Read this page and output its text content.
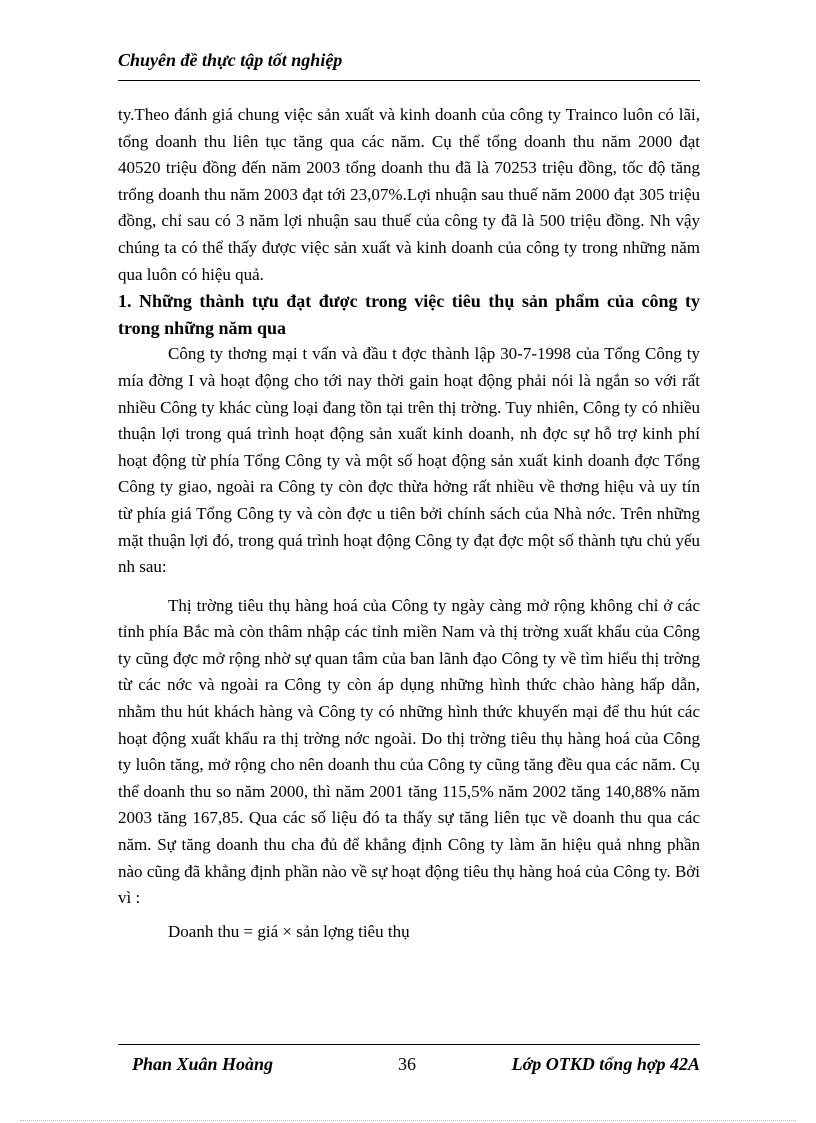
Chuyên đề thực tập tốt nghiệp

ty.Theo đánh giá chung việc sản xuất và kinh doanh của công ty Trainco luôn có lãi, tổng doanh thu liên tục tăng qua các năm. Cụ thể tổng doanh thu năm 2000 đạt 40520 triệu đồng đến năm 2003 tổng doanh thu đã là 70253 triệu đồng, tốc độ tăng trổng doanh thu năm 2003 đạt tới 23,07%.Lợi nhuận sau thuế năm 2000 đạt 305 triệu đồng, chỉ sau có 3 năm lợi nhuận sau thuế của công ty đã là 500 triệu đồng. Nh vậy chúng ta có thể thấy được việc sản xuất và kinh doanh của công ty trong những năm qua luôn có hiệu quả.

1. Những thành tựu đạt được trong việc tiêu thụ sản phẩm của công ty trong những năm qua

Công ty thơng mại t vấn và đầu t đợc thành lập 30-7-1998 của Tổng Công ty mía đờng I và hoạt động cho tới nay thời gain hoạt động phải nói là ngắn so với rất nhiều Công ty khác cùng loại đang tồn tại trên thị trờng. Tuy nhiên, Công ty có nhiều thuận lợi trong quá trình hoạt động sản xuất kinh doanh, nh đợc sự hỗ trợ kinh phí hoạt động từ phía Tổng Công ty và một số hoạt động sản xuất kinh doanh đợc Tổng Công ty giao, ngoài ra Công ty còn đợc thừa hởng rất nhiều về thơng hiệu và uy tín từ phía giá Tổng Công ty và còn đợc u tiên bởi chính sách của Nhà nớc. Trên những mặt thuận lợi đó, trong quá trình hoạt động Công ty đạt đợc một số thành tựu chủ yếu nh sau:

Thị trờng tiêu thụ hàng hoá của Công ty ngày càng mở rộng không chỉ ở các tỉnh phía Bắc mà còn thâm nhập các tỉnh miền Nam và thị trờng xuất khẩu của Công ty cũng đợc mở rộng nhờ sự quan tâm của ban lãnh đạo Công ty về tìm hiểu thị trờng từ các nớc và ngoài ra Công ty còn áp dụng những hình thức chào hàng hấp dẫn, nhằm thu hút khách hàng và Công ty có những hình thức khuyến mại để thu hút các hoạt động xuất khẩu ra thị trờng nớc ngoài. Do thị trờng tiêu thụ hàng hoá của Công ty luôn tăng, mở rộng cho nên doanh thu của Công ty cũng tăng đều qua các năm. Cụ thể doanh thu so năm 2000, thì năm 2001 tăng 115,5% năm 2002 tăng 140,88% năm 2003 tăng 167,85. Qua các số liệu đó ta thấy sự tăng liên tục về doanh thu qua các năm. Sự tăng doanh thu cha đủ để khẳng định Công ty làm ăn hiệu quả nhng phần nào cũng đã khẳng định phần nào về sự hoạt động tiêu thụ hàng hoá của Công ty. Bởi vì :

Doanh thu = giá × sản lợng tiêu thụ

Phan Xuân Hoàng	36	Lớp OTKD tổng hợp 42A
